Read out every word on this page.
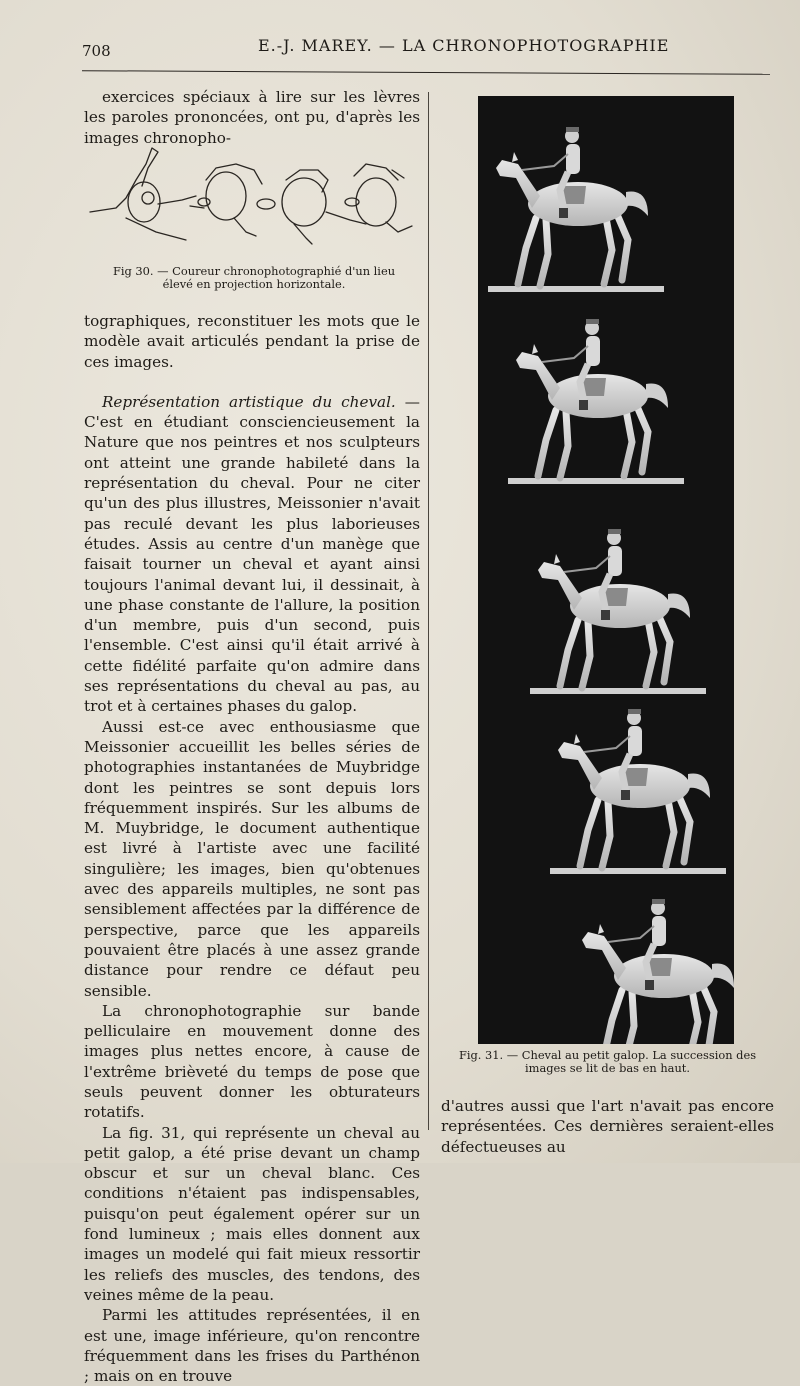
708	E.-J. MAREY. — LA CHRONOPHOTOGRAPHIE

exercices spéciaux à lire sur les lèvres les paroles prononcées, ont pu, d'après les images chronopho-

Fig 30. — Coureur chronophotographié d'un lieu élevé en projection horizontale.

tographiques, reconstituer les mots que le modèle avait articulés pendant la prise de ces images.

Représentation artistique du cheval. — C'est en étudiant consciencieusement la Nature que nos peintres et nos sculpteurs ont atteint une grande habileté dans la représentation du cheval. Pour ne citer qu'un des plus illustres, Meissonier n'avait pas reculé devant les plus laborieuses études. Assis au centre d'un manège que faisait tourner un cheval et ayant ainsi toujours l'animal devant lui, il dessinait, à une phase constante de l'allure, la position d'un membre, puis d'un second, puis l'ensemble. C'est ainsi qu'il était arrivé à cette fidélité parfaite qu'on admire dans ses représentations du cheval au pas, au trot et à certaines phases du galop.

Aussi est-ce avec enthousiasme que Meissonier accueillit les belles séries de photographies instantanées de Muybridge dont les peintres se sont depuis lors fréquemment inspirés. Sur les albums de M. Muybridge, le document authentique est livré à l'artiste avec une facilité singulière; les images, bien qu'obtenues avec des appareils multiples, ne sont pas sensiblement affectées par la différence de perspective, parce que les appareils pouvaient être placés à une assez grande distance pour rendre ce défaut peu sensible.

La chronophotographie sur bande pelliculaire en mouvement donne des images plus nettes encore, à cause de l'extrême brièveté du temps de pose que seuls peuvent donner les obturateurs rotatifs.

La fig. 31, qui représente un cheval au petit galop, a été prise devant un champ obscur et sur un cheval blanc. Ces conditions n'étaient pas indispensables, puisqu'on peut également opérer sur un fond lumineux ; mais elles donnent aux images un modelé qui fait mieux ressortir les reliefs des muscles, des tendons, des veines même de la peau.

Parmi les attitudes représentées, il en est une, image inférieure, qu'on rencontre fréquemment dans les frises du Parthénon ; mais on en trouve

Fig. 31. — Cheval au petit galop. La succession des images se lit de bas en haut.

d'autres aussi que l'art n'avait pas encore représentées. Ces dernières seraient-elles défectueuses au
